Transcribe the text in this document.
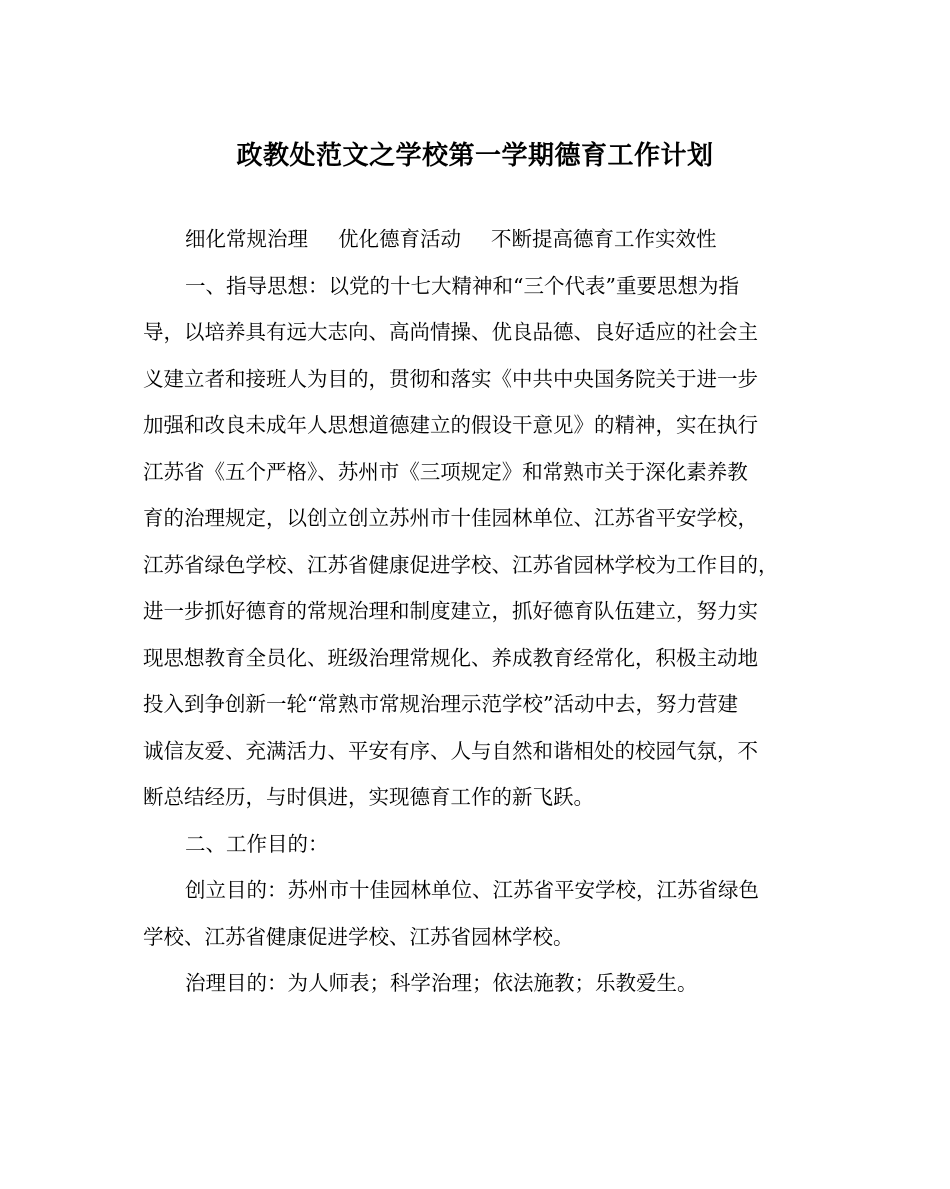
政教处范文之学校第一学期德育工作计划
细化常规治理 优化德育活动 不断提高德育工作实效性
一、指导思想：以党的十七大精神和“三个代表”重要思想为指
导，以培养具有远大志向、高尚情操、优良品德、良好适应的社会主
义建立者和接班人为目的，贯彻和落实《中共中央国务院关于进一步
加强和改良未成年人思想道德建立的假设干意见》的精神，实在执行
江苏省《五个严格》、苏州市《三项规定》和常熟市关于深化素养教
育的治理规定，以创立创立苏州市十佳园林单位、江苏省平安学校，
江苏省绿色学校、江苏省健康促进学校、江苏省园林学校为工作目的，
进一步抓好德育的常规治理和制度建立，抓好德育队伍建立，努力实
现思想教育全员化、班级治理常规化、养成教育经常化，积极主动地
投入到争创新一轮“常熟市常规治理示范学校”活动中去，努力营建
诚信友爱、充满活力、平安有序、人与自然和谐相处的校园气氛，不
断总结经历，与时俱进，实现德育工作的新飞跃。
二、工作目的：
创立目的：苏州市十佳园林单位、江苏省平安学校，江苏省绿色
学校、江苏省健康促进学校、江苏省园林学校。
治理目的：为人师表；科学治理；依法施教；乐教爱生。
